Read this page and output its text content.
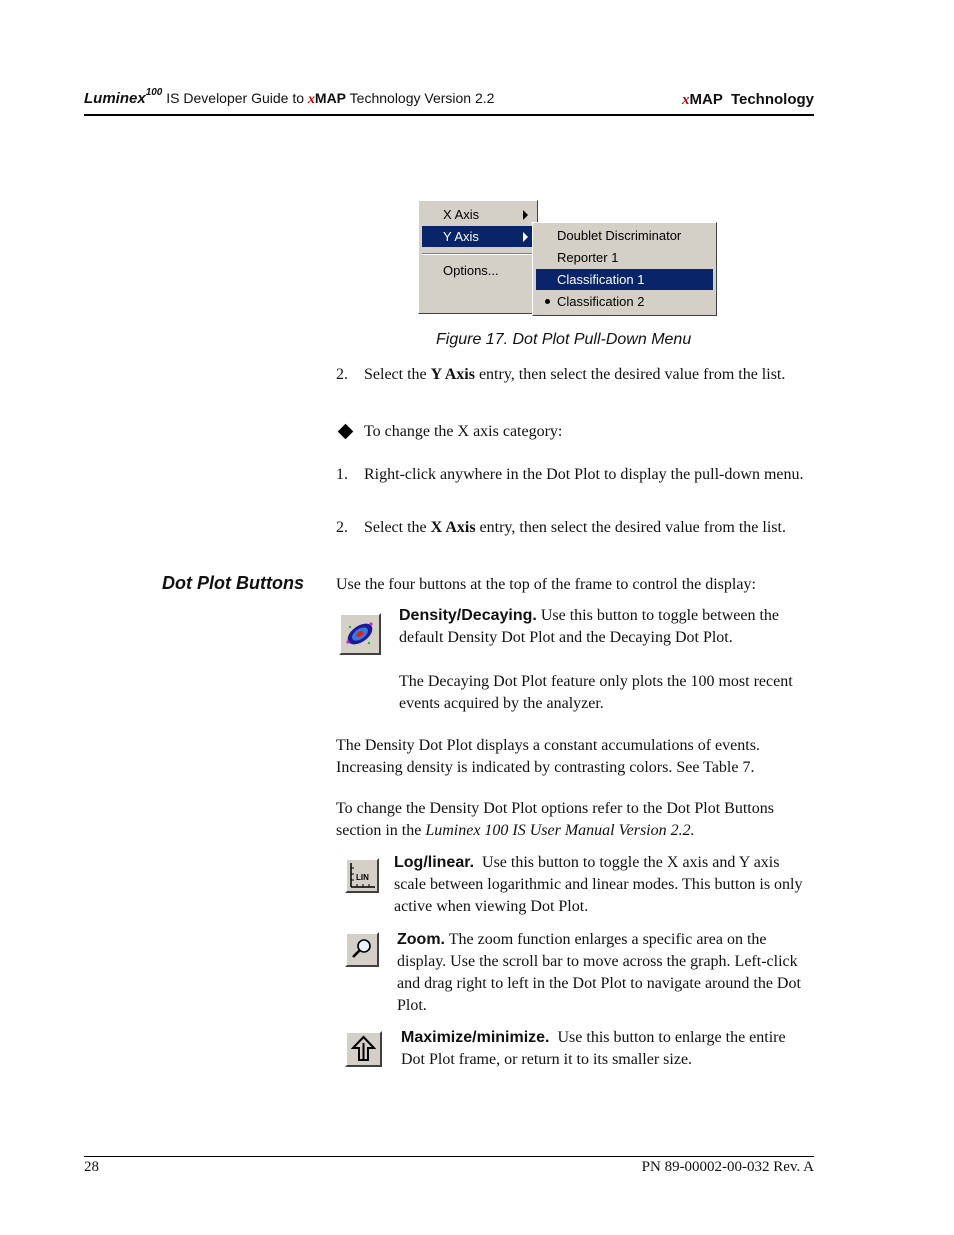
Luminex$^{100}$ IS Developer Guide to xMAP Technology Version 2.2	xMAP  Technology
X Axis
Y Axis
Options...
Doublet Discriminator
Reporter 1
Classification 1
Classification 2
Figure 17. Dot Plot Pull-Down Menu
2. Select the Y Axis entry, then select the desired value from the list.
To change the X axis category:
1. Right-click anywhere in the Dot Plot to display the pull-down menu.
2. Select the X Axis entry, then select the desired value from the list.
Dot Plot Buttons Use the four buttons at the top of the frame to control the display:
Density/Decaying. Use this button to toggle between the default Density Dot Plot and the Decaying Dot Plot.
The Decaying Dot Plot feature only plots the 100 most recent events acquired by the analyzer.
The Density Dot Plot displays a constant accumulations of events. Increasing density is indicated by contrasting colors. See Table 7.
To change the Density Dot Plot options refer to the Dot Plot Buttons section in the Luminex 100 IS User Manual Version 2.2.
LIN
Log/linear.  Use this button to toggle the X axis and Y axis scale between logarithmic and linear modes. This button is only active when viewing Dot Plot.
Zoom. The zoom function enlarges a specific area on the display. Use the scroll bar to move across the graph. Left-click and drag right to left in the Dot Plot to navigate around the Dot Plot.
Maximize/minimize.  Use this button to enlarge the entire Dot Plot frame, or return it to its smaller size.
28	PN 89-00002-00-032 Rev. A
